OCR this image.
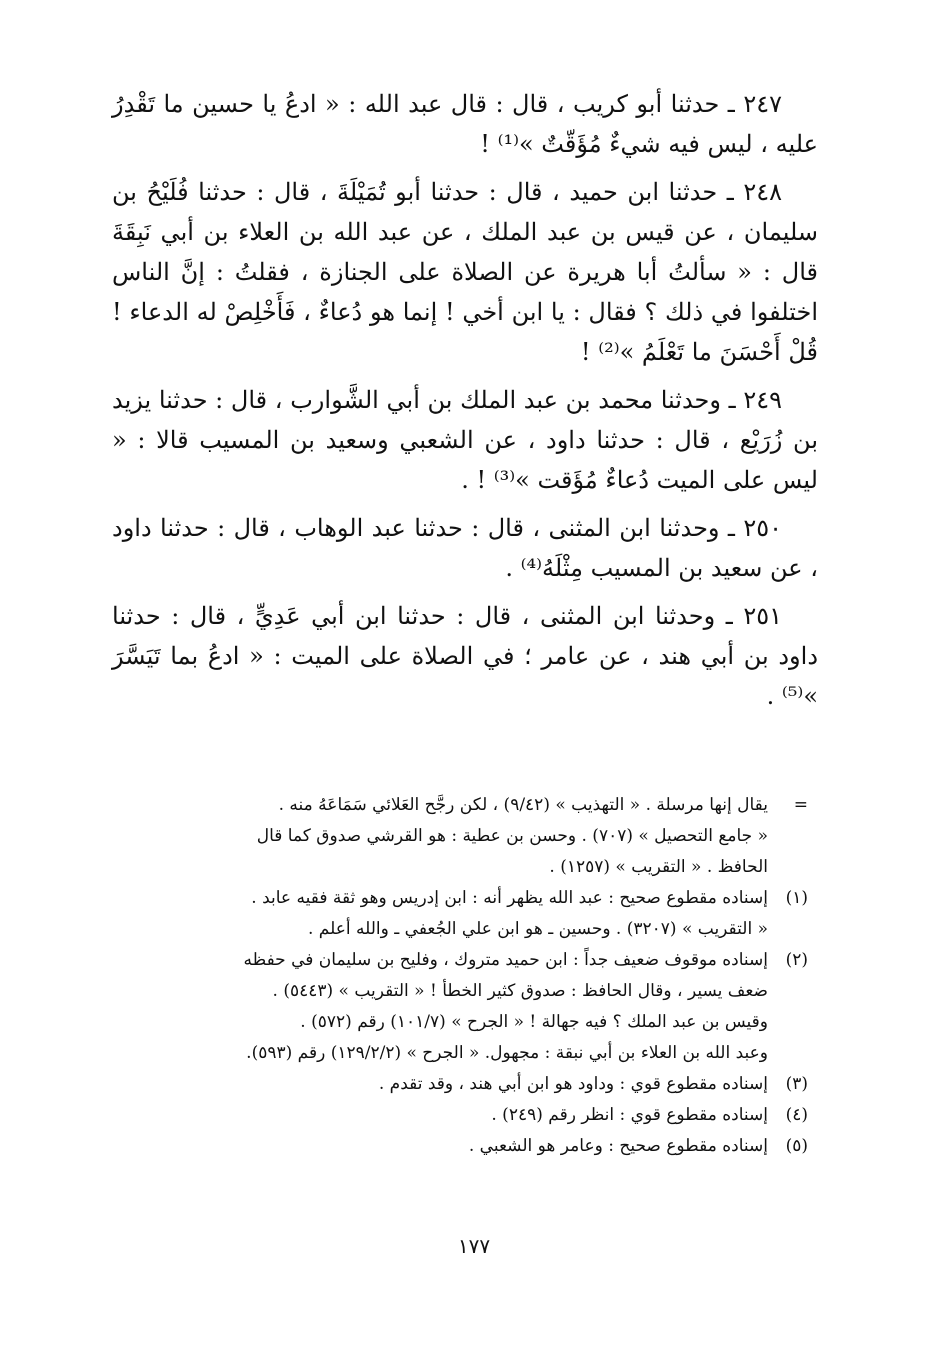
٢٤٧ ـ حدثنا أبو كريب ، قال : قال عبد الله : « ادعُ يا حسين ما تَقْدِرُ عليه ، ليس فيه شيءٌ مُؤَقّتٌ »⁽¹⁾ !

٢٤٨ ـ حدثنا ابن حميد ، قال : حدثنا أبو تُمَيْلَةَ ، قال : حدثنا فُلَيْحُ بن سليمان ، عن قيس بن عبد الملك ، عن عبد الله بن العلاء بن أبي نَبِقَةَ قال : « سألتُ أبا هريرة عن الصلاة على الجنازة ، فقلتُ : إنَّ الناس اختلفوا في ذلك ؟ فقال : يا ابن أخي ! إنما هو دُعاءٌ ، فَأَخْلِصْ له الدعاء ! قُلْ أَحْسَنَ ما تَعْلَمُ »⁽²⁾ !

٢٤٩ ـ وحدثنا محمد بن عبد الملك بن أبي الشَّوارب ، قال : حدثنا يزيد بن زُرَيْع ، قال : حدثنا داود ، عن الشعبي وسعيد بن المسيب قالا : « ليس على الميت دُعاءٌ مُؤَقت »⁽³⁾ ! .

٢٥٠ ـ وحدثنا ابن المثنى ، قال : حدثنا عبد الوهاب ، قال : حدثنا داود ، عن سعيد بن المسيب مِثْلَهُ⁽⁴⁾ .

٢٥١ ـ وحدثنا ابن المثنى ، قال : حدثنا ابن أبي عَدِيٍّ ، قال : حدثنا داود بن أبي هند ، عن عامر ؛ في الصلاة على الميت : « ادعُ بما تَيَسَّرَ »⁽⁵⁾ .

=
يقال إنها مرسلة . « التهذيب » (٩/٤٢) ، لكن رجَّح العَلائي سَمَاعَهُ منه .
« جامع التحصيل » (٧٠٧) . وحسن بن عطية : هو القرشي صدوق كما قال
الحافظ . « التقريب » (١٢٥٧) .
(١)
إسناده مقطوع صحيح : عبد الله يظهر أنه : ابن إدريس وهو ثقة فقيه عابد .
« التقريب » (٣٢٠٧) . وحسين ـ هو ابن علي الجُعفي ـ والله أعلم .
(٢)
إسناده موقوف ضعيف جداً : ابن حميد متروك ، وفليح بن سليمان في حفظه
ضعف يسير ، وقال الحافظ : صدوق كثير الخطأ ! « التقريب » (٥٤٤٣) .
وقيس بن عبد الملك ؟ فيه جهالة ! « الجرح » (١٠١/٧) رقم (٥٧٢) .
وعبد الله بن العلاء بن أبي نبقة : مجهول. « الجرح » (١٢٩/٢/٢) رقم (٥٩٣).
(٣)
إسناده مقطوع قوي : وداود هو ابن أبي هند ، وقد تقدم .
(٤)
إسناده مقطوع قوي : انظر رقم (٢٤٩) .
(٥)
إسناده مقطوع صحيح : وعامر هو الشعبي .
١٧٧
